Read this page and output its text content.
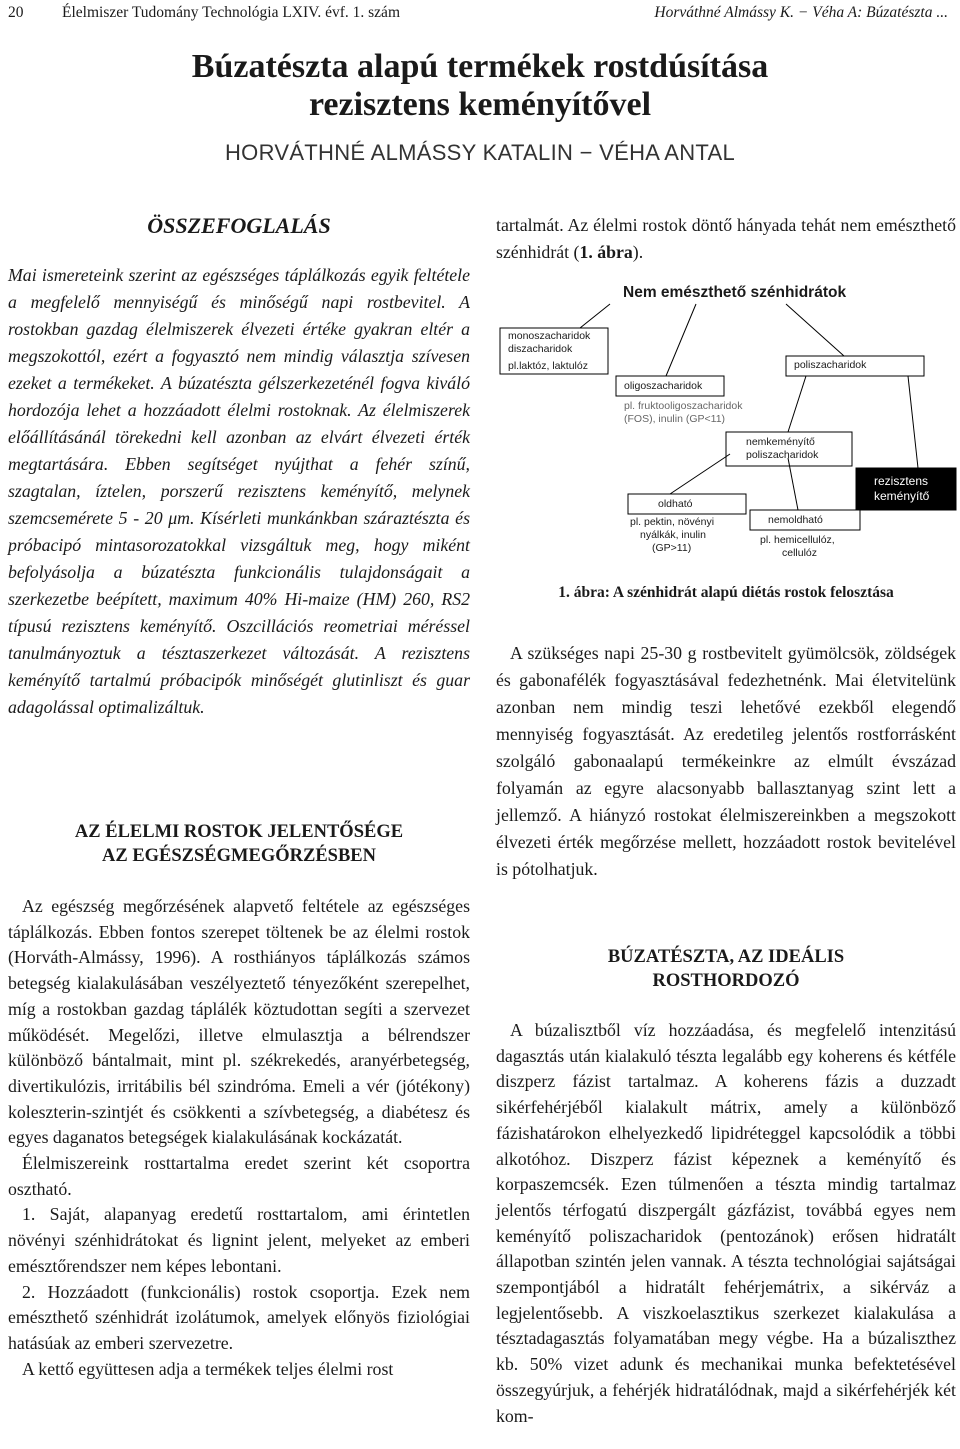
20 Élelmiszer Tudomány Technológia LXIV. évf. 1. szám	Horváthné Almássy K. − Véha A: Búzatészta ...
Búzatészta alapú termékek rostdúsítása
rezisztens keményítővel
HORVÁTHNÉ ALMÁSSY KATALIN − VÉHA ANTAL
ÖSSZEFOGLALÁS

Mai ismereteink szerint az egészséges táplálkozás egyik feltétele a megfelelő mennyiségű és minőségű napi rostbevitel. A rostokban gazdag élelmiszerek élvezeti értéke gyakran eltér a megszokottól, ezért a fogyasztó nem mindig választja szívesen ezeket a termékeket. A búzatészta gélszerkezeténél fogva kiváló hordozója lehet a hozzáadott élelmi rostoknak. Az élelmiszerek előállításánál törekedni kell azonban az elvárt élvezeti érték megtartására. Ebben segítséget nyújthat a fehér színű, szagtalan, íztelen, porszerű rezisztens keményítő, melynek szemcsemérete 5 - 20 μm. Kísérleti munkánkban száraztészta és próbacipó mintasorozatokkal vizsgáltuk meg, hogy miként befolyásolja a búzatészta funkcionális tulajdonságait a szerkezetbe beépített, maximum 40% Hi-maize (HM) 260, RS2 típusú rezisztens keményítő. Oszcillációs reometriai méréssel tanulmányoztuk a tésztaszerkezet változását. A rezisztens keményítő tartalmú próbacipók minőségét glutinliszt és guar adagolással optimalizáltuk.

AZ ÉLELMI ROSTOK JELENTŐSÉGE
AZ EGÉSZSÉGMEGŐRZÉSBEN

Az egészség megőrzésének alapvető feltétele az egészséges táplálkozás. Ebben fontos szerepet töltenek be az élelmi rostok (Horváth-Almássy, 1996). A rosthiányos táplálkozás számos betegség kialakulásában veszélyeztető tényezőként szerepelhet, míg a rostokban gazdag táplálék köztudottan segíti a szervezet működését. Megelőzi, illetve elmulasztja a bélrendszer különböző bántalmait, mint pl. székrekedés, aranyérbetegség, divertikulózis, irritábilis bél szindróma. Emeli a vér (jótékony) koleszterin-szintjét és csökkenti a szívbetegség, a diabétesz és egyes daganatos betegségek kialakulásának kockázatát.

Élelmiszereink rosttartalma eredet szerint két csoportra osztható.

1. Saját, alapanyag eredetű rosttartalom, ami érintetlen növényi szénhidrátokat és lignint jelent, melyeket az emberi emésztőrendszer nem képes lebontani.

2. Hozzáadott (funkcionális) rostok csoportja. Ezek nem emészthető szénhidrát izolátumok, amelyek előnyös fiziológiai hatásúak az emberi szervezetre.

A kettő együttesen adja a termékek teljes élelmi rost

tartalmát. Az élelmi rostok döntő hányada tehát nem emészthető szénhidrát (1. ábra).

Nem emészthető szénhidrátok
monoszacharidok
diszacharidok
pl.laktóz, laktulóz	poliszacharidok
oligoszacharidok
pl. fruktooligoszacharidok
(FOS), inulin (GP<11)
nemkeményítő
poliszacharidok
rezisztens
keményítő
oldható
pl. pektin, növényi
nyálkák, inulin
(GP>11)
nemoldható
pl. hemicellulóz,
cellulóz
1. ábra: A szénhidrát alapú diétás rostok felosztása

A szükséges napi 25-30 g rostbevitelt gyümölcsök, zöldségek és gabonafélék fogyasztásával fedezhetnénk. Mai életvitelünk azonban nem mindig teszi lehetővé ezekből elegendő mennyiség fogyasztását. Az eredetileg jelentős rostforrásként szolgáló gabonaalapú termékeinkre az elmúlt évszázad folyamán az egyre alacsonyabb ballasztanyag szint lett a jellemző. A hiányzó rostokat élelmiszereinkben a megszokott élvezeti érték megőrzése mellett, hozzáadott rostok bevitelével is pótolhatjuk.

BÚZATÉSZTA, AZ IDEÁLIS
ROSTHORDOZÓ

A búzalisztből víz hozzáadása, és megfelelő intenzitású dagasztás után kialakuló tészta legalább egy koherens és kétféle diszperz fázist tartalmaz. A koherens fázis a duzzadt sikérfehérjéből kialakult mátrix, amely a különböző fázishatárokon elhelyezkedő lipidréteggel kapcsolódik a többi alkotóhoz. Diszperz fázist képeznek a keményítő és korpaszemcsék. Ezen túlmenően a tészta mindig tartalmaz jelentős térfogatú diszpergált gázfázist, továbbá egyes nem keményítő poliszacharidok (pentozánok) erősen hidratált állapotban szintén jelen vannak. A tészta technológiai sajátságai szempontjából a hidratált fehérjemátrix, a sikérváz a legjelentősebb. A viszkoelasztikus szerkezet kialakulása a tésztadagasztás folyamatában megy végbe. Ha a búzaliszthez kb. 50% vizet adunk és mechanikai munka befektetésével összegyúrjuk, a fehérjék hidratálódnak, majd a sikérfehérjék két kom-
